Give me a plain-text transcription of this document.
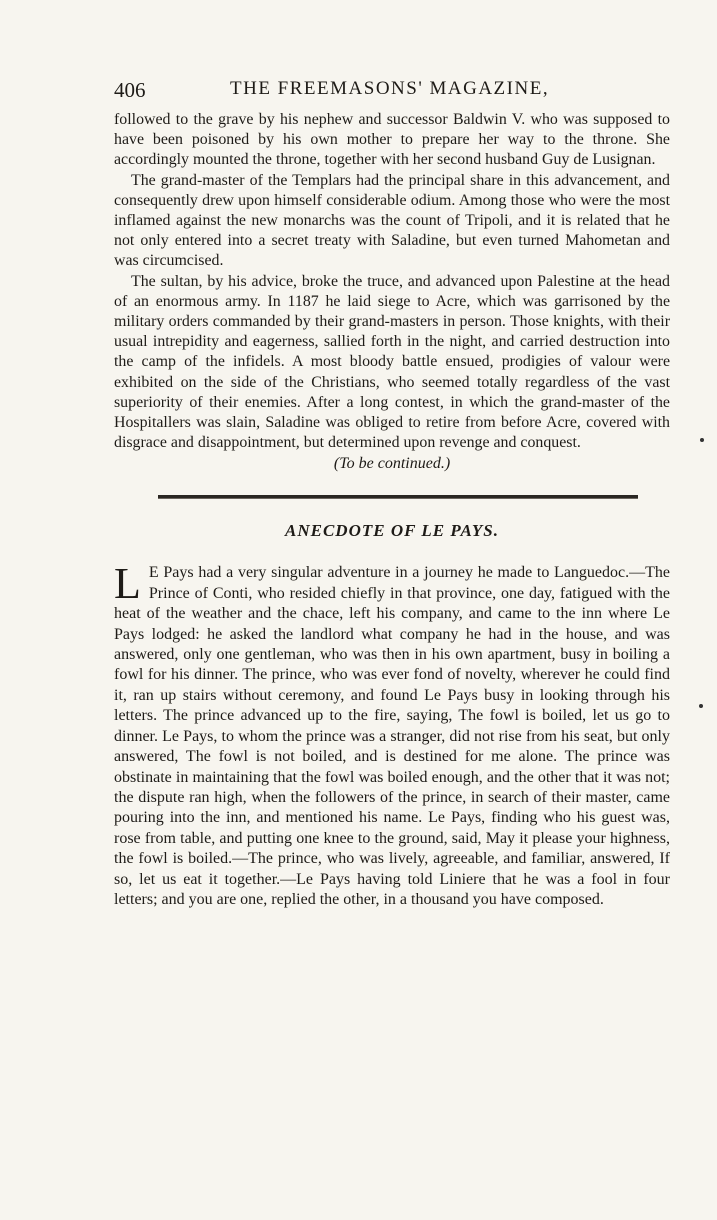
406	THE FREEMASONS' MAGAZINE,

followed to the grave by his nephew and successor Baldwin V. who was supposed to have been poisoned by his own mother to prepare her way to the throne. She accordingly mounted the throne, together with her second husband Guy de Lusignan.

The grand-master of the Templars had the principal share in this advancement, and consequently drew upon himself considerable odium. Among those who were the most inflamed against the new monarchs was the count of Tripoli, and it is related that he not only entered into a secret treaty with Saladine, but even turned Mahometan and was circumcised.

The sultan, by his advice, broke the truce, and advanced upon Palestine at the head of an enormous army. In 1187 he laid siege to Acre, which was garrisoned by the military orders commanded by their grand-masters in person. Those knights, with their usual intrepidity and eagerness, sallied forth in the night, and carried destruction into the camp of the infidels. A most bloody battle ensued, prodigies of valour were exhibited on the side of the Christians, who seemed totally regardless of the vast superiority of their enemies. After a long contest, in which the grand-master of the Hospitallers was slain, Saladine was obliged to retire from before Acre, covered with disgrace and disappointment, but determined upon revenge and conquest.

(To be continued.)

ANECDOTE OF LE PAYS.
L E Pays had a very singular adventure in a journey he made to Languedoc.—The Prince of Conti, who resided chiefly in that province, one day, fatigued with the heat of the weather and the chace, left his company, and came to the inn where Le Pays lodged: he asked the landlord what company he had in the house, and was answered, only one gentleman, who was then in his own apartment, busy in boiling a fowl for his dinner. The prince, who was ever fond of novelty, wherever he could find it, ran up stairs without ceremony, and found Le Pays busy in looking through his letters. The prince advanced up to the fire, saying, The fowl is boiled, let us go to dinner. Le Pays, to whom the prince was a stranger, did not rise from his seat, but only answered, The fowl is not boiled, and is destined for me alone. The prince was obstinate in maintaining that the fowl was boiled enough, and the other that it was not; the dispute ran high, when the followers of the prince, in search of their master, came pouring into the inn, and mentioned his name. Le Pays, finding who his guest was, rose from table, and putting one knee to the ground, said, May it please your highness, the fowl is boiled.—The prince, who was lively, agreeable, and familiar, answered, If so, let us eat it together.—Le Pays having told Liniere that he was a fool in four letters; and you are one, replied the other, in a thousand you have composed.
